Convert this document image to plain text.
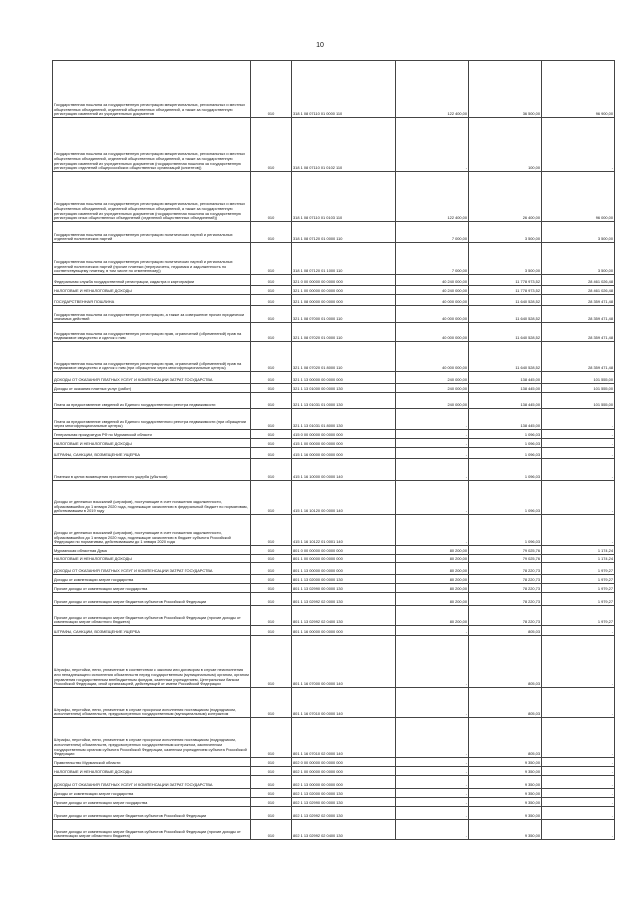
10
Государственная пошлина за государственную регистрацию межрегиональных, региональных и местных общественных объединений, отделений общественных объединений, а также за государственную регистрацию изменений их учредительных документов	010	318 1 08 07110 01 0000 110	122 400,00	36 500,00	96 900,00
Государственная пошлина за государственную регистрацию межрегиональных, региональных и местных общественных объединений, отделений общественных объединений, а также за государственную регистрацию изменений их учредительных документов (государственная пошлина за государственную регистрацию отделений общероссийских общественных организаций (клиентов))	010	318 1 08 07110 01 0102 110	-	100,00	-
Государственная пошлина за государственную регистрацию межрегиональных, региональных и местных общественных объединений, отделений общественных объединений, а также за государственную регистрацию изменений их учредительных документов (государственная пошлина за государственную регистрацию иных общественных объединений (отделений общественных объединений))	010	318 1 08 07110 01 0103 110	122 400,00	26 400,00	96 000,00
Государственная пошлина за государственную регистрацию политических партий и региональных отделений политических партий	010	318 1 08 07120 01 0000 110	7 000,00	3 500,00	3 500,00
Государственная пошлина за государственную регистрацию политических партий и региональных отделений политических партий (прочие платежи (перерасчеты, недоимка и задолженность по соответствующему платежу, в том числе по отмененному))	010	318 1 08 07120 01 1000 110	7 000,00	3 500,00	3 500,00
Федеральная служба государственной регистрации, кадастра и картографии	010	321 0 00 00000 00 0000 000	40 240 000,00	11 778 973,52	28 461 026,48
НАЛОГОВЫЕ И НЕНАЛОГОВЫЕ ДОХОДЫ	010	321 1 00 00000 00 0000 000	40 240 000,00	11 778 973,52	28 461 026,48
ГОСУДАРСТВЕННАЯ ПОШЛИНА	010	321 1 08 00000 00 0000 000	40 000 000,00	11 640 528,52	28 359 471,48
Государственная пошлина за государственную регистрацию, а также за совершение прочих юридически значимых действий	010	321 1 08 07000 01 0000 110	40 000 000,00	11 640 528,52	28 359 471,48
Государственная пошлина за государственную регистрацию прав, ограничений (обременений) прав на недвижимое имущество и сделок с ним	010	321 1 08 07020 01 0000 110	40 000 000,00	11 640 528,52	28 359 471,48
Государственная пошлина за государственную регистрацию прав, ограничений (обременений) прав на недвижимое имущество и сделок с ним (при обращении через многофункциональные центры)	010	321 1 08 07020 01 8000 110	40 000 000,00	11 640 528,52	28 359 471,48
ДОХОДЫ ОТ ОКАЗАНИЯ ПЛАТНЫХ УСЛУГ И КОМПЕНСАЦИИ ЗАТРАТ ГОСУДАРСТВА	010	321 1 13 00000 00 0000 000	240 000,00	138 445,00	101 555,00
Доходы от оказания платных услуг (работ)	010	321 1 13 01000 00 0000 130	240 000,00	138 445,00	101 555,00
Плата за предоставление сведений из Единого государственного реестра недвижимости	010	321 1 13 01031 01 0000 130	240 000,00	138 445,00	101 555,00
Плата за предоставление сведений из Единого государственного реестра недвижимости (при обращении через многофункциональные центры)	010	321 1 13 01031 01 8000 130	-	138 445,00	-
Генеральная прокуратура РФ по Мурманской области	010	415 0 00 00000 00 0000 000	-	1 096,03	-
НАЛОГОВЫЕ И НЕНАЛОГОВЫЕ ДОХОДЫ	010	415 1 00 00000 00 0000 000	-	1 096,03	-
ШТРАФЫ, САНКЦИИ, ВОЗМЕЩЕНИЕ УЩЕРБА	010	415 1 16 00000 00 0000 000	-	1 096,03	-
Платежи в целях возмещения причиненного ущерба (убытков)	010	415 1 16 10000 00 0000 140	-	1 096,03	-
Доходы от денежных взысканий (штрафов), поступающие в счет погашения задолженности, образовавшейся до 1 января 2020 года, подлежащие зачислению в федеральный бюджет по нормативам, действовавшим в 2019 году	010	415 1 16 10120 00 0000 140	-	1 096,03	-
Доходы от денежных взысканий (штрафов), поступающие в счет погашения задолженности, образовавшейся до 1 января 2020 года, подлежащие зачислению в бюджет субъекта Российской Федерации по нормативам, действовавшим до 1 января 2020 года	010	415 1 16 10122 01 0001 140	-	1 096,03	-
Мурманская областная Дума	010	801 0 00 00000 00 0000 000	80 200,00	79 025,76	1 174,24
НАЛОГОВЫЕ И НЕНАЛОГОВЫЕ ДОХОДЫ	010	801 1 00 00000 00 0000 000	80 200,00	79 025,76	1 174,24
ДОХОДЫ ОТ ОКАЗАНИЯ ПЛАТНЫХ УСЛУГ И КОМПЕНСАЦИИ ЗАТРАТ ГОСУДАРСТВА	010	801 1 13 00000 00 0000 000	80 200,00	78 220,73	1 979,27
Доходы от компенсации затрат государства	010	801 1 13 02000 00 0000 130	80 200,00	78 220,73	1 979,27
Прочие доходы от компенсации затрат государства	010	801 1 13 02990 00 0000 130	80 200,00	78 220,73	1 979,27
Прочие доходы от компенсации затрат бюджетов субъектов Российской Федерации	010	801 1 13 02992 02 0000 130	80 200,00	78 220,73	1 979,27
Прочие доходы от компенсации затрат бюджетов субъектов Российской Федерации (прочие доходы от компенсации затрат областного бюджета)	010	801 1 13 02992 02 0400 130	80 200,00	78 220,73	1 979,27
ШТРАФЫ, САНКЦИИ, ВОЗМЕЩЕНИЕ УЩЕРБА	010	801 1 16 00000 00 0000 000	-	805,03	-
Штрафы, неустойки, пени, уплаченные в соответствии с законом или договором в случае неисполнения или ненадлежащего исполнения обязательств перед государственным (муниципальным) органом, органом управления государственным внебюджетным фондом, казенным учреждением, Центральным банком Российской Федерации, иной организацией, действующей от имени Российской Федерации	010	801 1 16 07000 00 0000 140	-	805,03	-
Штрафы, неустойки, пени, уплаченные в случае просрочки исполнения поставщиком (подрядчиком, исполнителем) обязательств, предусмотренных государственным (муниципальным) контрактом	010	801 1 16 07010 00 0000 140	-	805,03	-
Штрафы, неустойки, пени, уплаченные в случае просрочки исполнения поставщиком (подрядчиком, исполнителем) обязательств, предусмотренных государственным контрактом, заключенным государственным органом субъекта Российской Федерации, казенным учреждением субъекта Российской Федерации	010	801 1 16 07010 02 0000 140	-	805,03	-
Правительство Мурманской области	010	802 0 00 00000 00 0000 000	-	9 350,00	-
НАЛОГОВЫЕ И НЕНАЛОГОВЫЕ ДОХОДЫ	010	802 1 00 00000 00 0000 000	-	9 350,00	-
ДОХОДЫ ОТ ОКАЗАНИЯ ПЛАТНЫХ УСЛУГ И КОМПЕНСАЦИИ ЗАТРАТ ГОСУДАРСТВА	010	802 1 13 00000 00 0000 000	-	9 350,00	-
Доходы от компенсации затрат государства	010	802 1 13 02000 00 0000 130	-	9 350,00	-
Прочие доходы от компенсации затрат государства	010	802 1 13 02990 00 0000 130	-	9 350,00	-
Прочие доходы от компенсации затрат бюджетов субъектов Российской Федерации	010	802 1 13 02992 02 0000 130	-	9 350,00	-
Прочие доходы от компенсации затрат бюджетов субъектов Российской Федерации (прочие доходы от компенсации затрат областного бюджета)	010	802 1 13 02992 02 0400 130	-	9 350,00	-
